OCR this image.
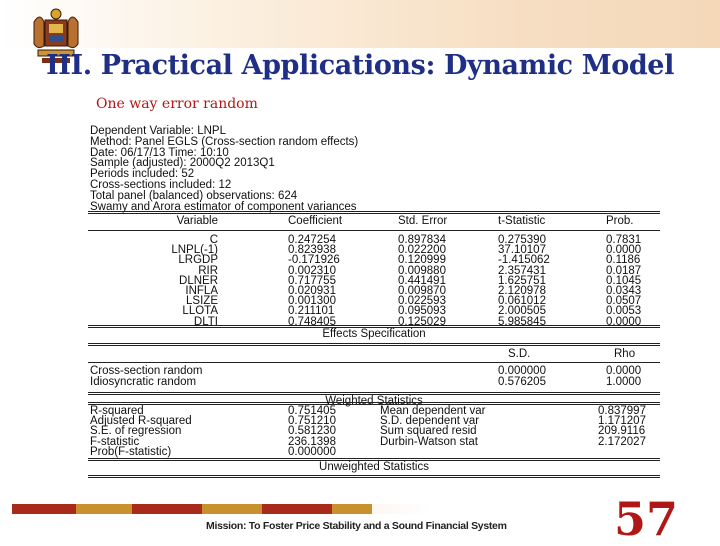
III. Practical Applications: Dynamic Model
One way error random
Dependent Variable: LNPL
Method: Panel EGLS (Cross-section random effects)
Date: 06/17/13 Time: 10:10
Sample (adjusted): 2000Q2 2013Q1
Periods included: 52
Cross-sections included: 12
Total panel (balanced) observations: 624
Swamy and Arora estimator of component variances
Variable	Coefficient	Std. Error	t-Statistic	Prob.
C	0.247254	0.897834	0.275390	0.7831
LNPL(-1)	0.823938	0.022200	37.10107	0.0000
LRGDP	-0.171926	0.120999	-1.415062	0.1186
RIR	0.002310	0.009880	2.357431	0.0187
DLNER	0.717755	0.441491	1.625751	0.1045
INFLA	0.020931	0.009870	2.120978	0.0343
LSIZE	0.001300	0.022593	0.061012	0.0507
LLOTA	0.211101	0.095093	2.000505	0.0053
DLTI	0.748405	0.125029	5.985845	0.0000
Effects Specification
S.D.	Rho
Cross-section random	0.000000	0.0000
Idiosyncratic random	0.576205	1.0000
Weighted Statistics
R-squared	0.751405	Mean dependent var	0.837997
Adjusted R-squared	0.751210	S.D. dependent var	1.171207
S.E. of regression	0.581230	Sum squared resid	209.9116
F-statistic	236.1398	Durbin-Watson stat	2.172027
Prob(F-statistic)	0.000000
Unweighted Statistics
Mission: To Foster Price Stability and a Sound Financial System 57
